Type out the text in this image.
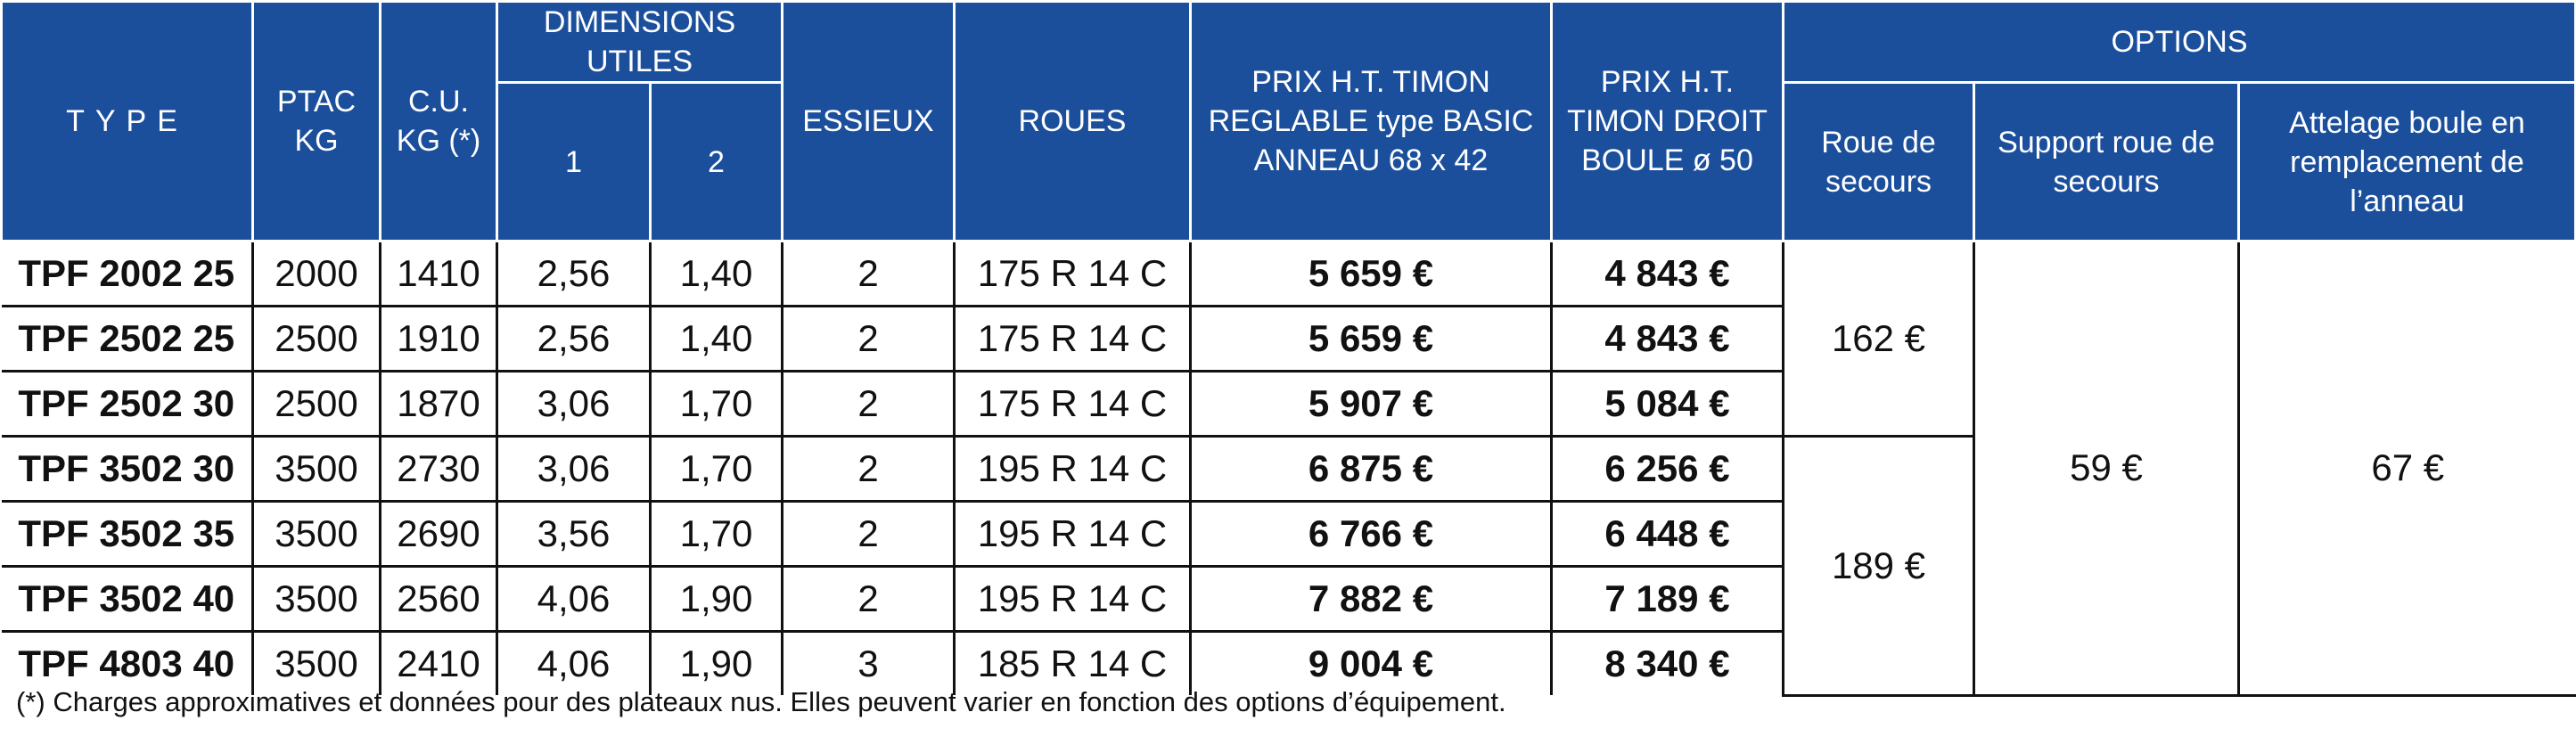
TYPE	PTAC KG	C.U. KG (*)	DIMENSIONS UTILES		ESSIEUX	ROUES	PRIX H.T. TIMON REGLABLE type BASIC ANNEAU 68 x 42	PRIX H.T. TIMON DROIT BOULE ø 50	OPTIONS		
			1	2					Roue de secours	Support roue de secours	Attelage boule en remplacement de l’anneau
TPF 2002 25	2000	1410	2,56	1,40	2	175 R 14 C	5 659 €	4 843 €	162 €	59 €	67 €
TPF 2502 25	2500	1910	2,56	1,40	2	175 R 14 C	5 659 €	4 843 €			
TPF 2502 30	2500	1870	3,06	1,70	2	175 R 14 C	5 907 €	5 084 €			
TPF 3502 30	3500	2730	3,06	1,70	2	195 R 14 C	6 875 €	6 256 €	189 €		
TPF 3502 35	3500	2690	3,56	1,70	2	195 R 14 C	6 766 €	6 448 €			
TPF 3502 40	3500	2560	4,06	1,90	2	195 R 14 C	7 882 €	7 189 €			
TPF 4803 40	3500	2410	4,06	1,90	3	185 R 14 C	9 004 €	8 340 €			
(*) Charges approximatives et données pour des plateaux nus. Elles peuvent varier en fonction des options d’équipement.
